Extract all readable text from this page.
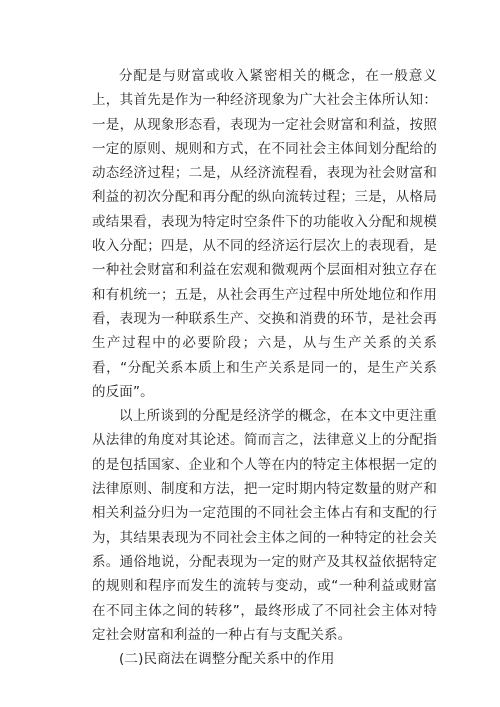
分配是与财富或收入紧密相关的概念，在一般意义上，其首先是作为一种经济现象为广大社会主体所认知：一是，从现象形态看，表现为一定社会财富和利益，按照一定的原则、规则和方式，在不同社会主体间划分配给的动态经济过程；二是，从经济流程看，表现为社会财富和利益的初次分配和再分配的纵向流转过程；三是，从格局或结果看，表现为特定时空条件下的功能收入分配和规模收入分配；四是，从不同的经济运行层次上的表现看，是一种社会财富和利益在宏观和微观两个层面相对独立存在和有机统一；五是，从社会再生产过程中所处地位和作用看，表现为一种联系生产、交换和消费的环节，是社会再生产过程中的必要阶段；六是，从与生产关系的关系看，“分配关系本质上和生产关系是同一的，是生产关系的反面”。

以上所谈到的分配是经济学的概念，在本文中更注重从法律的角度对其论述。简而言之，法律意义上的分配指的是包括国家、企业和个人等在内的特定主体根据一定的法律原则、制度和方法，把一定时期内特定数量的财产和相关利益分归为一定范围的不同社会主体占有和支配的行为，其结果表现为不同社会主体之间的一种特定的社会关系。通俗地说，分配表现为一定的财产及其权益依据特定的规则和程序而发生的流转与变动，或“一种利益或财富在不同主体之间的转移”，最终形成了不同社会主体对特定社会财富和利益的一种占有与支配关系。

(二)民商法在调整分配关系中的作用
